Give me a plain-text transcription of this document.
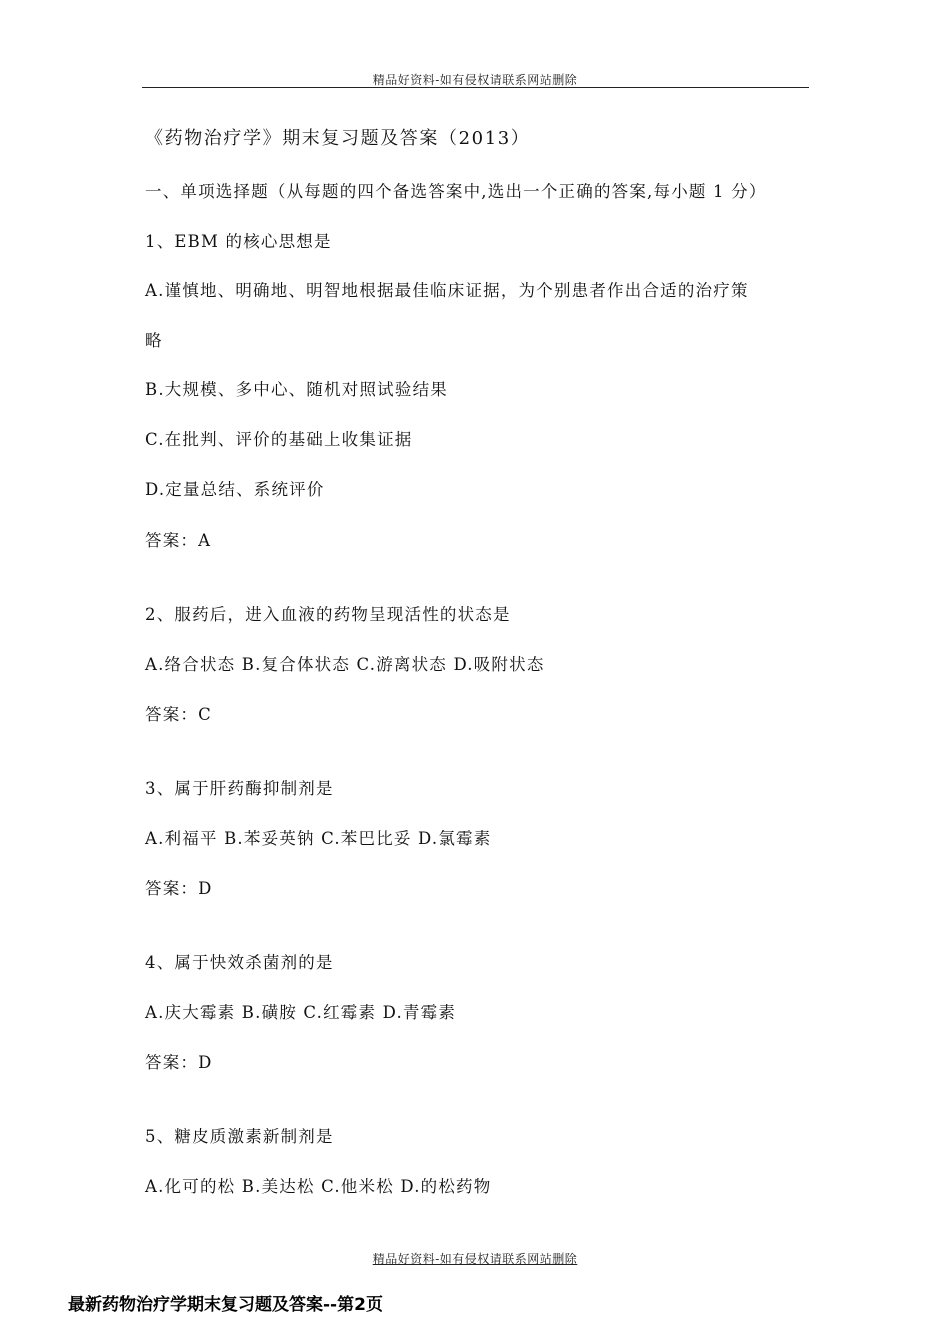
精品好资料-如有侵权请联系网站删除
《药物治疗学》期末复习题及答案（2013）
一、单项选择题（从每题的四个备选答案中,选出一个正确的答案,每小题 1 分）
1、EBM 的核心思想是
A.谨慎地、明确地、明智地根据最佳临床证据，为个别患者作出合适的治疗策
略
B.大规模、多中心、随机对照试验结果
C.在批判、评价的基础上收集证据
D.定量总结、系统评价
答案：A
2、服药后，进入血液的药物呈现活性的状态是
A.络合状态 B.复合体状态 C.游离状态 D.吸附状态
答案：C
3、属于肝药酶抑制剂是
A.利福平 B.苯妥英钠 C.苯巴比妥 D.氯霉素
答案：D
4、属于快效杀菌剂的是
A.庆大霉素 B.磺胺 C.红霉素 D.青霉素
答案：D
5、糖皮质激素新制剂是
A.化可的松 B.美达松 C.他米松 D.的松药物
精品好资料-如有侵权请联系网站删除
最新药物治疗学期末复习题及答案--第2页
